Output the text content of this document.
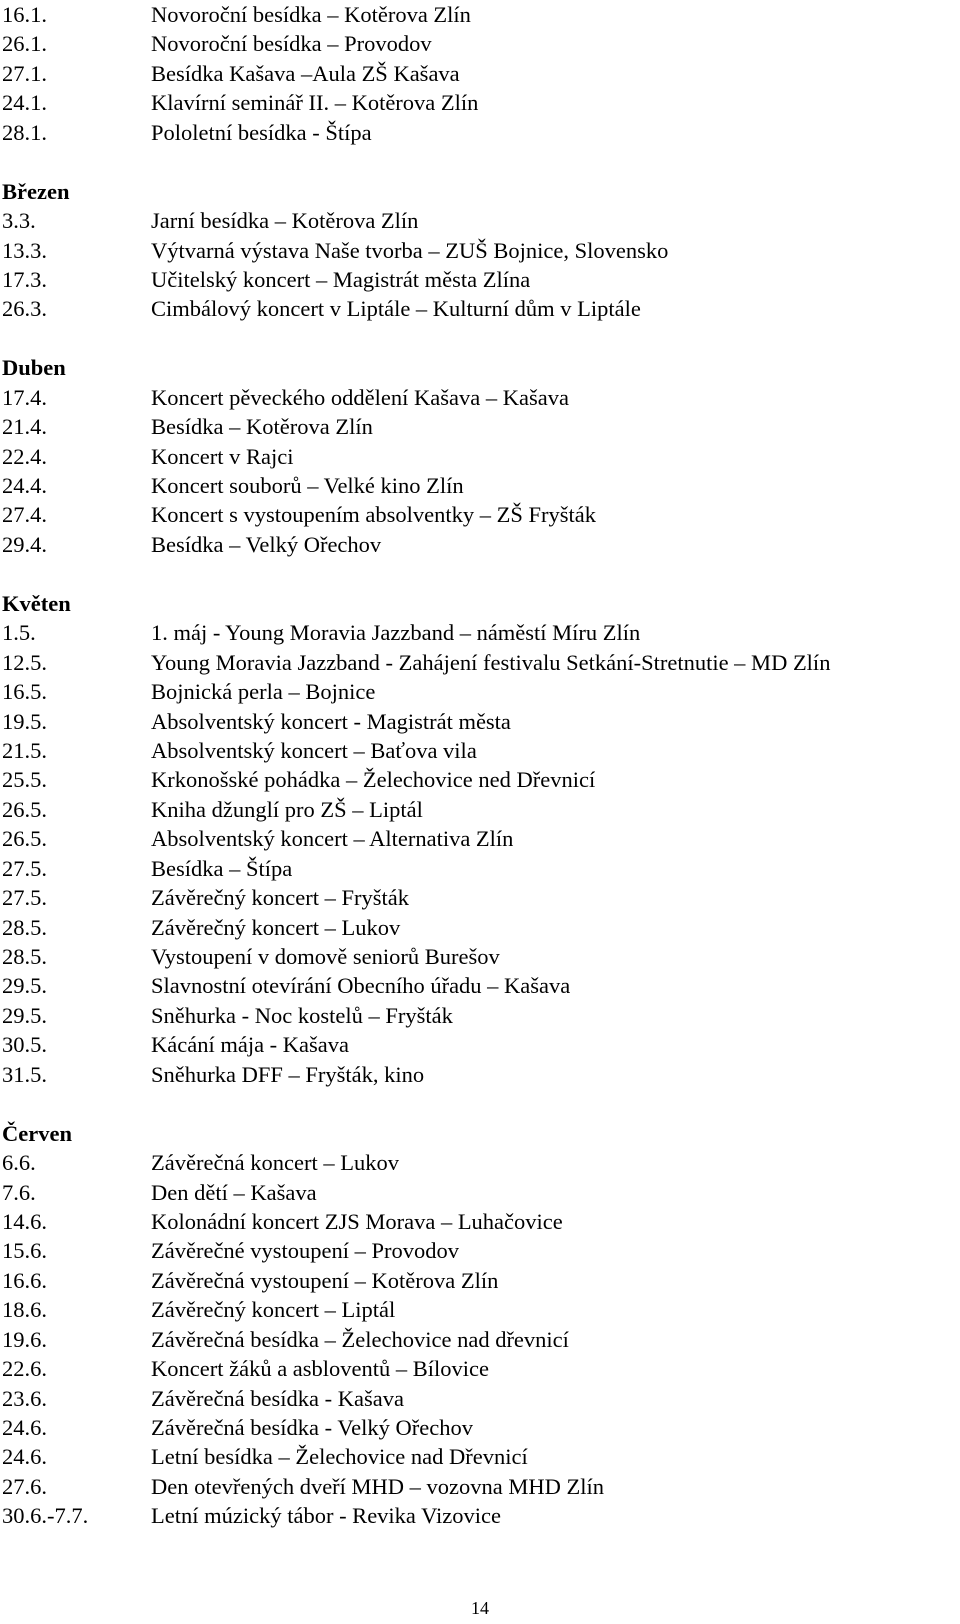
16.1.	Novoroční besídka – Kotěrova Zlín
26.1.	Novoroční besídka – Provodov
27.1.	Besídka Kašava –Aula ZŠ Kašava
24.1.	Klavírní seminář II. – Kotěrova Zlín
28.1.	Pololetní besídka - Štípa
Březen
3.3.	Jarní besídka – Kotěrova Zlín
13.3.	Výtvarná výstava Naše tvorba – ZUŠ Bojnice, Slovensko
17.3.	Učitelský koncert – Magistrát města Zlína
26.3.	Cimbálový koncert v Liptále – Kulturní dům v Liptále
Duben
17.4.	Koncert pěveckého oddělení Kašava – Kašava
21.4.	Besídka – Kotěrova Zlín
22.4.	Koncert v Rajci
24.4.	Koncert souborů – Velké kino Zlín
27.4.	Koncert s vystoupením absolventky – ZŠ Fryšták
29.4.	Besídka – Velký Ořechov
Květen
1.5.	1. máj - Young Moravia Jazzband – náměstí Míru Zlín
12.5.	Young Moravia Jazzband - Zahájení festivalu Setkání-Stretnutie – MD Zlín
16.5.	Bojnická perla – Bojnice
19.5.	Absolventský koncert - Magistrát města
21.5.	Absolventský koncert – Baťova vila
25.5.	Krkonošské pohádka – Želechovice ned Dřevnicí
26.5.	Kniha džunglí pro ZŠ – Liptál
26.5.	Absolventský koncert – Alternativa Zlín
27.5.	Besídka – Štípa
27.5.	Závěrečný koncert – Fryšták
28.5.	Závěrečný koncert – Lukov
28.5.	Vystoupení v domově seniorů Burešov
29.5.	Slavnostní otevírání Obecního úřadu – Kašava
29.5.	Sněhurka - Noc kostelů – Fryšták
30.5.	Kácání mája - Kašava
31.5.	Sněhurka DFF – Fryšták, kino
Červen
6.6.	Závěrečná koncert – Lukov
7.6.	Den dětí – Kašava
14.6.	Kolonádní koncert ZJS Morava – Luhačovice
15.6.	Závěrečné vystoupení – Provodov
16.6.	Závěrečná vystoupení – Kotěrova Zlín
18.6.	Závěrečný koncert – Liptál
19.6.	Závěrečná besídka – Želechovice nad dřevnicí
22.6.	Koncert žáků a asbloventů – Bílovice
23.6.	Závěrečná besídka - Kašava
24.6.	Závěrečná besídka - Velký Ořechov
24.6.	Letní besídka – Želechovice nad Dřevnicí
27.6.	Den otevřených dveří MHD – vozovna MHD Zlín
30.6.-7.7.	Letní múzický tábor - Revika Vizovice
14
